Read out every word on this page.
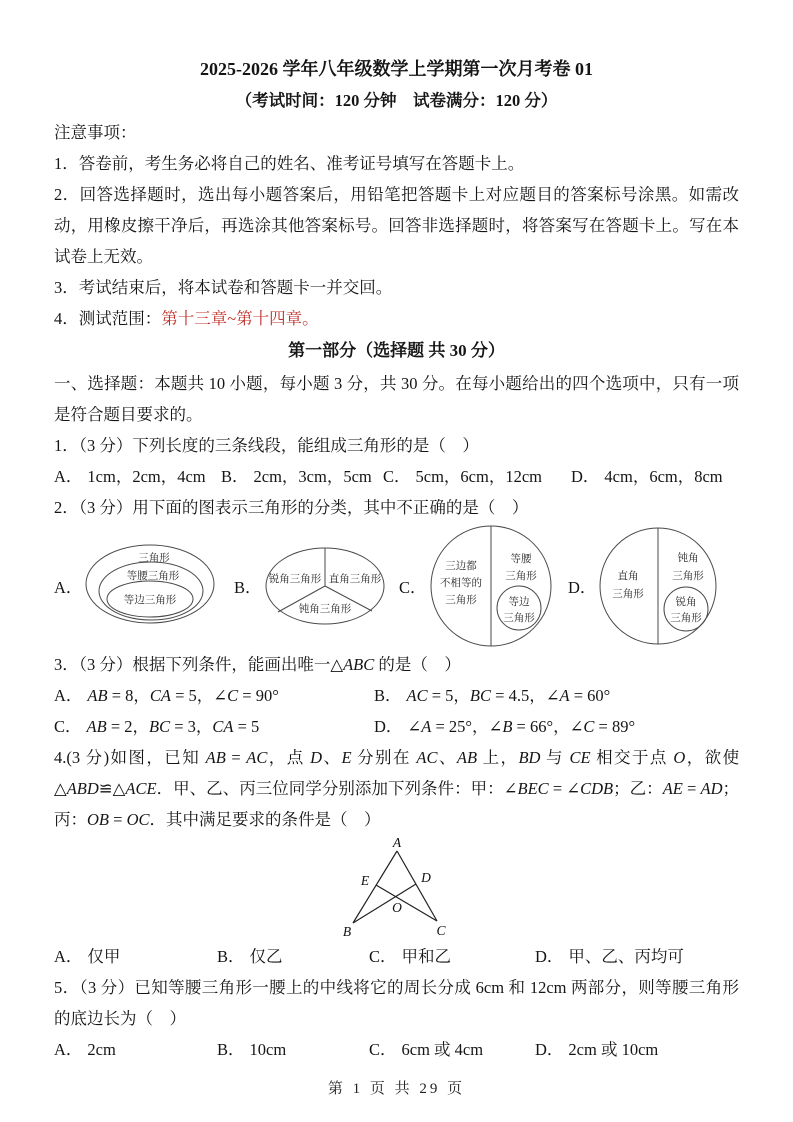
2025-2026 学年八年级数学上学期第一次月考卷 01
（考试时间：120 分钟　试卷满分：120 分）

注意事项：

1．答卷前，考生务必将自己的姓名、准考证号填写在答题卡上。

2．回答选择题时，选出每小题答案后，用铅笔把答题卡上对应题目的答案标号涂黑。如需改动，用橡皮擦干净后，再选涂其他答案标号。回答非选择题时，将答案写在答题卡上。写在本试卷上无效。

3．考试结束后，将本试卷和答题卡一并交回。

4．测试范围：第十三章~第十四章。

第一部分（选择题 共 30 分）

一、选择题：本题共 10 小题，每小题 3 分，共 30 分。在每小题给出的四个选项中，只有一项是符合题目要求的。

1．（3 分）下列长度的三条线段，能组成三角形的是（　）

A． 1cm，2cm，4cm B． 2cm，3cm，5cm C． 5cm，6cm，12cm	D． 4cm，6cm，8cm

2．（3 分）用下面的图表示三角形的分类，其中不正确的是（　）

A．
三角形
等腰三角形
等边三角形
B． 锐角三角形 直角三角形
钝角三角形
C．
三边都
不相等的
三角形
等腰
三角形
等边
三角形
D．
直角
三角形
钝角
三角形
锐角
三角形

3．（3 分）根据下列条件，能画出唯一△ABC 的是（　）

A． AB = 8，CA = 5，∠C = 90°	B． AC = 5，BC = 4.5，∠A = 60°
C． AB = 2，BC = 3，CA = 5	D． ∠A = 25°，∠B = 66°，∠C = 89°

4.(3 分)如图，已知 AB = AC，点 D、E 分别在 AC、AB 上，BD 与 CE 相交于点 O，欲使△ABD≌△ACE．甲、乙、丙三位同学分别添加下列条件：甲：∠BEC = ∠CDB；乙：AE = AD；丙：OB = OC．其中满足要求的条件是（　）

A
E	D
O
B	C
A． 仅甲	B． 仅乙	C． 甲和乙	D． 甲、乙、丙均可

5．（3 分）已知等腰三角形一腰上的中线将它的周长分成 6cm 和 12cm 两部分，则等腰三角形的底边长为（　）

A． 2cm	B． 10cm	C． 6cm 或 4cm	D． 2cm 或 10cm
第 1 页 共 29 页
